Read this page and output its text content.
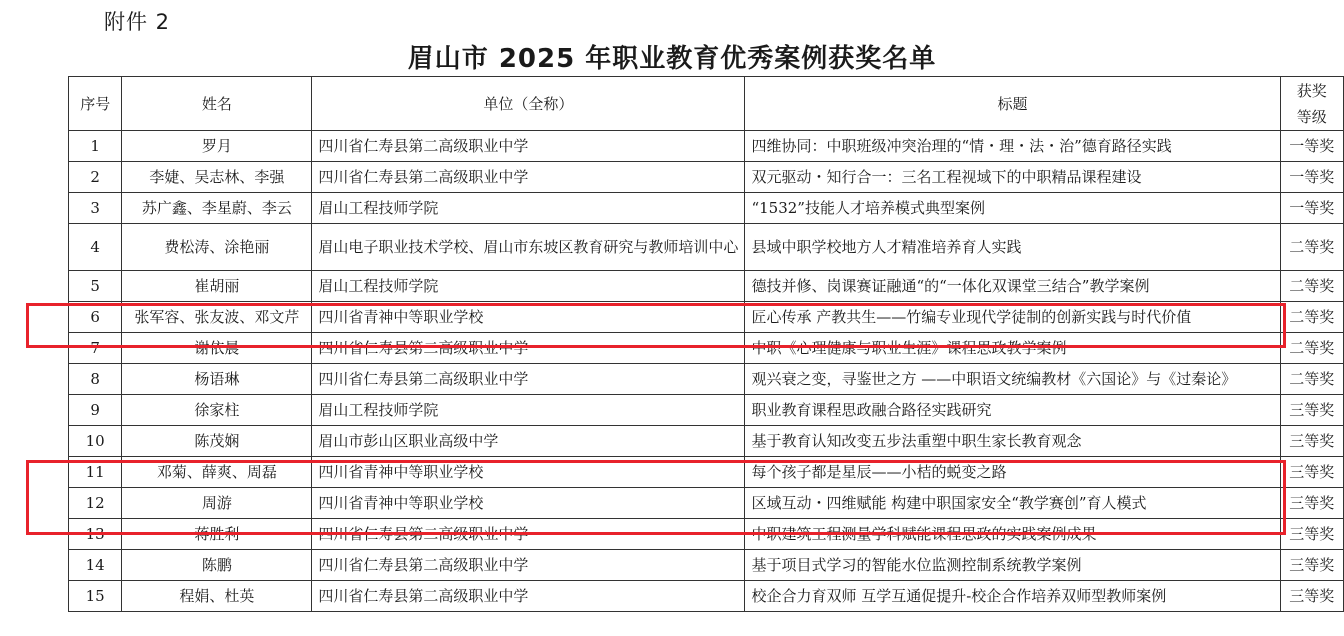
附件 2
眉山市 2025 年职业教育优秀案例获奖名单
序号	姓名	单位（全称）	标题	获奖
等级

1	罗月	四川省仁寿县第二高级职业中学	四维协同：中职班级冲突治理的“情・理・法・治”德育路径实践	一等奖
2	李婕、吴志林、李强	四川省仁寿县第二高级职业中学	双元驱动・知行合一：三名工程视域下的中职精品课程建设	一等奖
3	苏广鑫、李星蔚、李云	眉山工程技师学院	“1532”技能人才培养模式典型案例	一等奖
4	费松涛、涂艳丽	眉山电子职业技术学校、眉山市东坡区教育研究与教师培训中心	县域中职学校地方人才精准培养育人实践	二等奖
5	崔胡丽	眉山工程技师学院	德技并修、岗课赛证融通“的“一体化双课堂三结合”教学案例	二等奖
6	张军容、张友波、邓文芹	四川省青神中等职业学校	匠心传承 产教共生——竹编专业现代学徒制的创新实践与时代价值	二等奖
7	谢依晨	四川省仁寿县第二高级职业中学	中职《心理健康与职业生涯》课程思政教学案例	二等奖
8	杨语琳	四川省仁寿县第二高级职业中学	观兴衰之变，寻鉴世之方 ——中职语文统编教材《六国论》与《过秦论》	二等奖
9	徐家柱	眉山工程技师学院	职业教育课程思政融合路径实践研究	三等奖
10	陈茂娴	眉山市彭山区职业高级中学	基于教育认知改变五步法重塑中职生家长教育观念	三等奖
11	邓菊、薛爽、周磊	四川省青神中等职业学校	每个孩子都是星辰——小桔的蜕变之路	三等奖
12	周游	四川省青神中等职业学校	区域互动・四维赋能 构建中职国家安全“教学赛创”育人模式	三等奖
13	蒋胜利	四川省仁寿县第二高级职业中学	中职建筑工程测量学科赋能课程思政的实践案例成果	三等奖
14	陈鹏	四川省仁寿县第二高级职业中学	基于项目式学习的智能水位监测控制系统教学案例	三等奖
15	程娟、杜英	四川省仁寿县第二高级职业中学	校企合力育双师 互学互通促提升-校企合作培养双师型教师案例	三等奖
